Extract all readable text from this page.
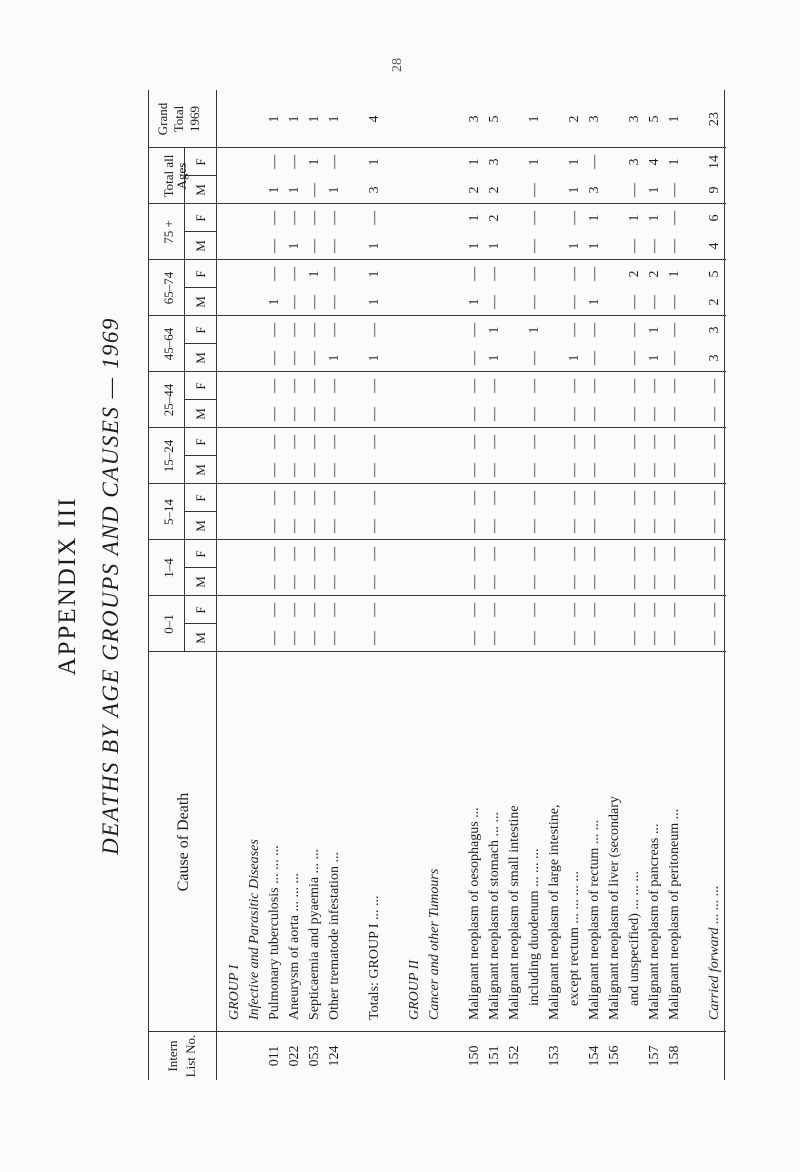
APPENDIX III DEATHS BY AGE GROUPS AND CAUSES — 1969
Intern List No.
Cause of Death
0–1
M
F
1–4
M
F
5–14
M
F
15–24 M
F
25–44 M
F
45–64 M
F
65–74 M
F
75 +
M
F
Total all Ages
M
F
Grand Total 1969
GROUP I Infective and Parasitic Diseases
011
Pulmonary tuberculosis ... ... ...
—
—
—
—
—
—
—
—
—
—
—
—
1
—
—
—
1
—
1
022
Aneurysm of aorta ... ... ...
—
—
—
—
—
—
—
—
—
—
—
—
—
—
1
—
1
—
1
053
Septicaemia and pyaemia ... ...
—
—
—
—
—
—
—
—
—
—
—
—
—
1
—
—
—
1
1
124
Other trematode infestation ...
—
—
—
—
—
—
—
—
—
—
1
—
—
—
—
—
1
—
1
Totals: GROUP I ... ...
—
—
—
—
—
—
—
—
—
—
1
—
1
1
1
—
3
1
4
GROUP II Cancer and other Tumours
150
Malignant neoplasm of oesophagus ...
—
—
—
—
—
—
—
—
—
—
—
—
1
—
1
1
2
1
3
151
Malignant neoplasm of stomach ... ...
—
—
—
—
—
—
—
—
—
—
1
1
—
—
1
2
2
3
5
152
Malignant neoplasm of small intestine including duodenum ... ... ...
—
—
—
—
—
—
—
—
—
—
—
1
—
—
—
—
—
1
1
153
Malignant neoplasm of large intestine, except rectum ... ... ... ...
—
—
—
—
—
—
—
—
—
—
1
—
—
—
1
—
1
1
2
154
Malignant neoplasm of rectum ... ...
—
—
—
—
—
—
—
—
—
—
—
—
1
—
1
1
3
—
3
156
Malignant neoplasm of liver (secondary and unspecified) ... ... ...
—
—
—
—
—
—
—
—
—
—
—
—
—
2
—
1
—
3
3
157
Malignant neoplasm of pancreas ...
—
—
—
—
—
—
—
—
—
—
1
1
—
2
—
1
1
4
5
158
Malignant neoplasm of peritoneum ...
—
—
—
—
—
—
—
—
—
—
—
—
—
1
—
—
—
1
1
Carried forward ... ... ...
—
—
—
—
—
—
—
—
—
—
3
3
2
5
4
6
9
14
23
28
